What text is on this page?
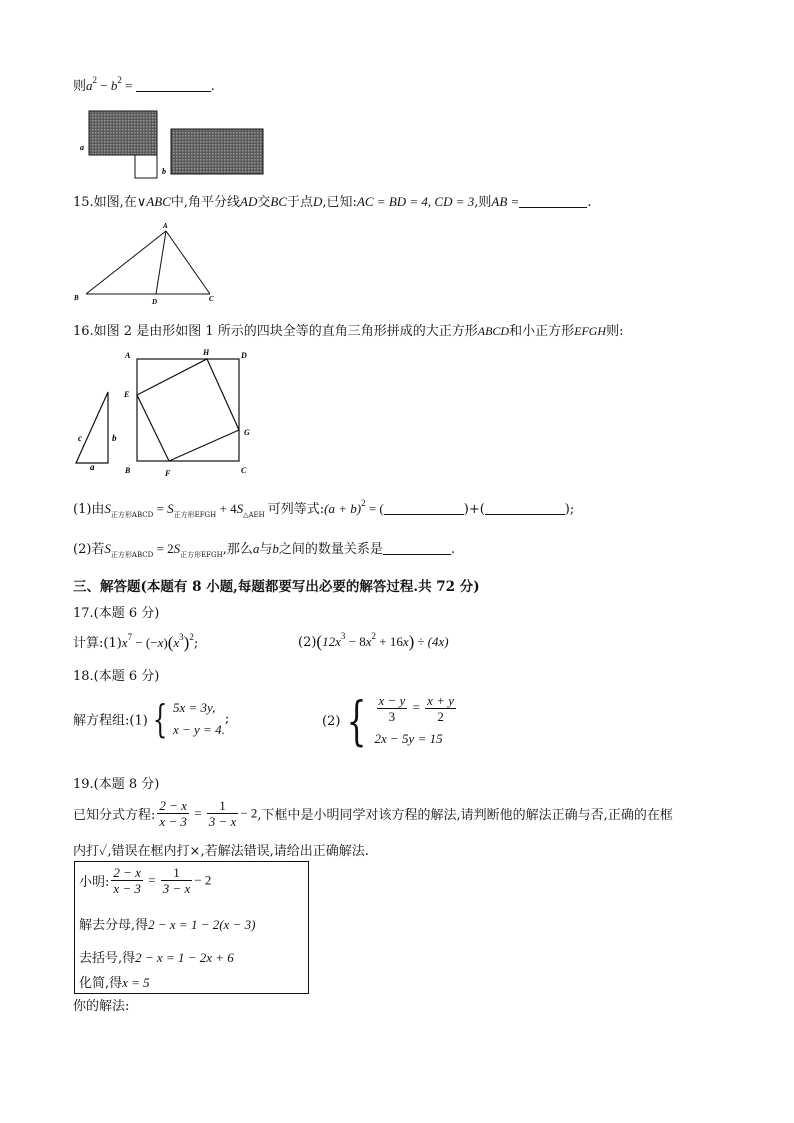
则$a^2 - b^2$ =	.
a
b
15.如图,在∨ABC中,角平分线AD交BC于点D,已知:AC = BD = 4, CD = 3,则AB =	.
A
B	D	C
16.如图 2 是由形如图 1 所示的四块全等的直角三角形拼成的大正方形ABCD和小正方形EFGH则:
c	b
a
A	H	D
E
G
B	F	C
(1)由$S_{正方形ABCD} = S_{正方形EFGH} + 4S_{\triangle AEH}$ 可列等式:(a + b)$^2$ = (	)+(	);
(2)若$S_{正方形ABCD} = 2S_{正方形EFGH}$,那么a与b之间的数量关系是	.
三、解答题(本题有 8 小题,每题都要写出必要的解答过程.共 72 分)
17.(本题 6 分)
计算$:(1)x^7 - (-x)(x^3)^2$;	$(2)(12x^3 - 8x^2 + 16x) \div (4x)$
18.(本题 6 分)
解方程组:(1) { 5x = 3y,
x − y = 4.
;	(2) { $\frac{x - y}{3} = \frac{x + y}{2}$
2x − 5y = 15
19.(本题 8 分)
已知分式方程: $\frac{2 - x}{x - 3} = \frac{1}{3 - x} - 2$,下框中是小明同学对该方程的解法,请判断他的解法正确与否,正确的在框
内打✓,错误在框内打×,若解法错误,请给出正确解法.
小明: $\frac{2 - x}{x - 3} = \frac{1}{3 - x} - 2$
解去分母,得2 − x = 1 − 2(x − 3)
去括号,得2 − x = 1 − 2x + 6
化简,得x = 5
你的解法:
